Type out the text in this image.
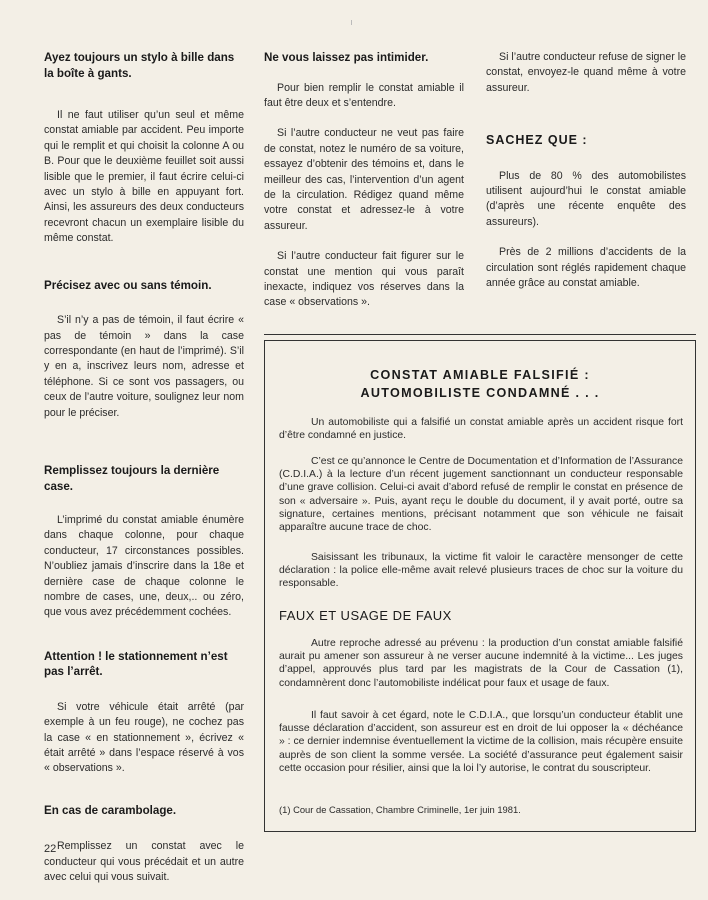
Ayez toujours un stylo à bille dans la boîte à gants.

Il ne faut utiliser qu’un seul et même constat amiable par accident. Peu importe qui le remplit et qui choisit la colonne A ou B. Pour que le deuxième feuillet soit aussi lisible que le premier, il faut écrire celui-ci avec un stylo à bille en appuyant fort. Ainsi, les assureurs des deux conducteurs recevront chacun un exemplaire lisible du même constat.

Précisez avec ou sans témoin.

S’il n’y a pas de témoin, il faut écrire « pas de témoin » dans la case correspondante (en haut de l’imprimé). S’il y en a, inscrivez leurs nom, adresse et téléphone. Si ce sont vos passagers, ou ceux de l’autre voiture, soulignez leur nom pour le préciser.

Remplissez toujours la dernière case.

L’imprimé du constat amiable énumère dans chaque colonne, pour chaque conducteur, 17 circonstances possibles. N’oubliez jamais d’inscrire dans la 18e et dernière case de chaque colonne le nombre de cases, une, deux,.. ou zéro, que vous avez précédemment cochées.

Attention ! le stationnement n’est pas l’arrêt.

Si votre véhicule était arrêté (par exemple à un feu rouge), ne cochez pas la case « en stationnement », écrivez « était arrêté » dans l’espace réservé à vos « observations ».

En cas de carambolage.

Remplissez un constat avec le conducteur qui vous précédait et un autre avec celui qui vous suivait.

Ne vous laissez pas intimider.

Pour bien remplir le constat amiable il faut être deux et s’entendre.

Si l’autre conducteur ne veut pas faire de constat, notez le numéro de sa voiture, essayez d’obtenir des témoins et, dans le meilleur des cas, l’intervention d’un agent de la circulation. Rédigez quand même votre constat et adressez-le à votre assureur.

Si l’autre conducteur fait figurer sur le constat une mention qui vous paraît inexacte, indiquez vos réserves dans la case « observations ».

Si l’autre conducteur refuse de signer le constat, envoyez-le quand même à votre assureur.

SACHEZ QUE :

Plus de 80 % des automobilistes utilisent aujourd’hui le constat amiable (d’après une récente enquête des assureurs).

Près de 2 millions d’accidents de la circulation sont réglés rapidement chaque année grâce au constat amiable.

CONSTAT AMIABLE FALSIFIÉ :
AUTOMOBILISTE CONDAMNÉ . . .

Un automobiliste qui a falsifié un constat amiable après un accident risque fort d’être condamné en justice.

C’est ce qu’annonce le Centre de Documentation et d’Information de l’Assurance (C.D.I.A.) à la lecture d’un récent jugement sanctionnant un conducteur responsable d’une grave collision. Celui-ci avait d’abord refusé de remplir le constat en présence de son « adversaire ». Puis, ayant reçu le double du document, il y avait porté, outre sa signature, certaines mentions, précisant notamment que son véhicule ne faisait apparaître aucune trace de choc.

Saisissant les tribunaux, la victime fit valoir le caractère mensonger de cette déclaration : la police elle-même avait relevé plusieurs traces de choc sur la voiture du responsable.

FAUX ET USAGE DE FAUX

Autre reproche adressé au prévenu : la production d’un constat amiable falsifié aurait pu amener son assureur à ne verser aucune indemnité à la victime... Les juges d’appel, approuvés plus tard par les magistrats de la Cour de Cassation (1), condamnèrent donc l’automobiliste indélicat pour faux et usage de faux.

Il faut savoir à cet égard, note le C.D.I.A., que lorsqu’un conducteur établit une fausse déclaration d’accident, son assureur est en droit de lui opposer la « déchéance » : ce dernier indemnise éventuellement la victime de la collision, mais récupère ensuite auprès de son client la somme versée. La société d’assurance peut également saisir cette occasion pour résilier, ainsi que la loi l’y autorise, le contrat du souscripteur.

(1) Cour de Cassation, Chambre Criminelle, 1er juin 1981.

22
